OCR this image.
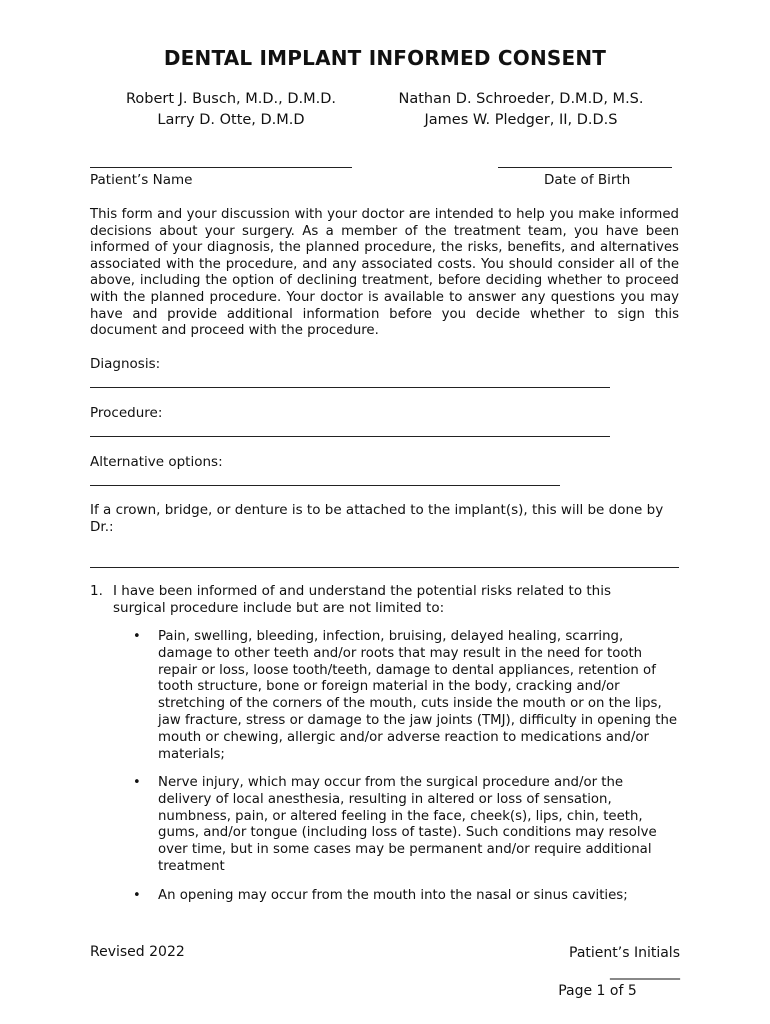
DENTAL IMPLANT INFORMED CONSENT
Robert J. Busch, M.D., D.M.D.
Larry D. Otte, D.M.D
Nathan D. Schroeder, D.M.D, M.S.
James W. Pledger, II, D.D.S
Patient’s Name	Date of Birth
This form and your discussion with your doctor are intended to help you make informed decisions about your surgery. As a member of the treatment team, you have been informed of your diagnosis, the planned procedure, the risks, benefits, and alternatives associated with the procedure, and any associated costs. You should consider all of the above, including the option of declining treatment, before deciding whether to proceed with the planned procedure. Your doctor is available to answer any questions you may have and provide additional information before you decide whether to sign this document and proceed with the procedure.
Diagnosis:
Procedure:
Alternative options:
If a crown, bridge, or denture is to be attached to the implant(s), this will be done by Dr.:
1. I have been informed of and understand the potential risks related to this surgical procedure include but are not limited to:
• Pain, swelling, bleeding, infection, bruising, delayed healing, scarring, damage to other teeth and/or roots that may result in the need for tooth repair or loss, loose tooth/teeth, damage to dental appliances, retention of tooth structure, bone or foreign material in the body, cracking and/or stretching of the corners of the mouth, cuts inside the mouth or on the lips, jaw fracture, stress or damage to the jaw joints (TMJ), difficulty in opening the mouth or chewing, allergic and/or adverse reaction to medications and/or materials;
• Nerve injury, which may occur from the surgical procedure and/or the delivery of local anesthesia, resulting in altered or loss of sensation, numbness, pain, or altered feeling in the face, cheek(s), lips, chin, teeth, gums, and/or tongue (including loss of taste). Such conditions may resolve over time, but in some cases may be permanent and/or require additional treatment
• An opening may occur from the mouth into the nasal or sinus cavities;
Revised 2022	Patient’s Initials __________
Page 1 of 5
